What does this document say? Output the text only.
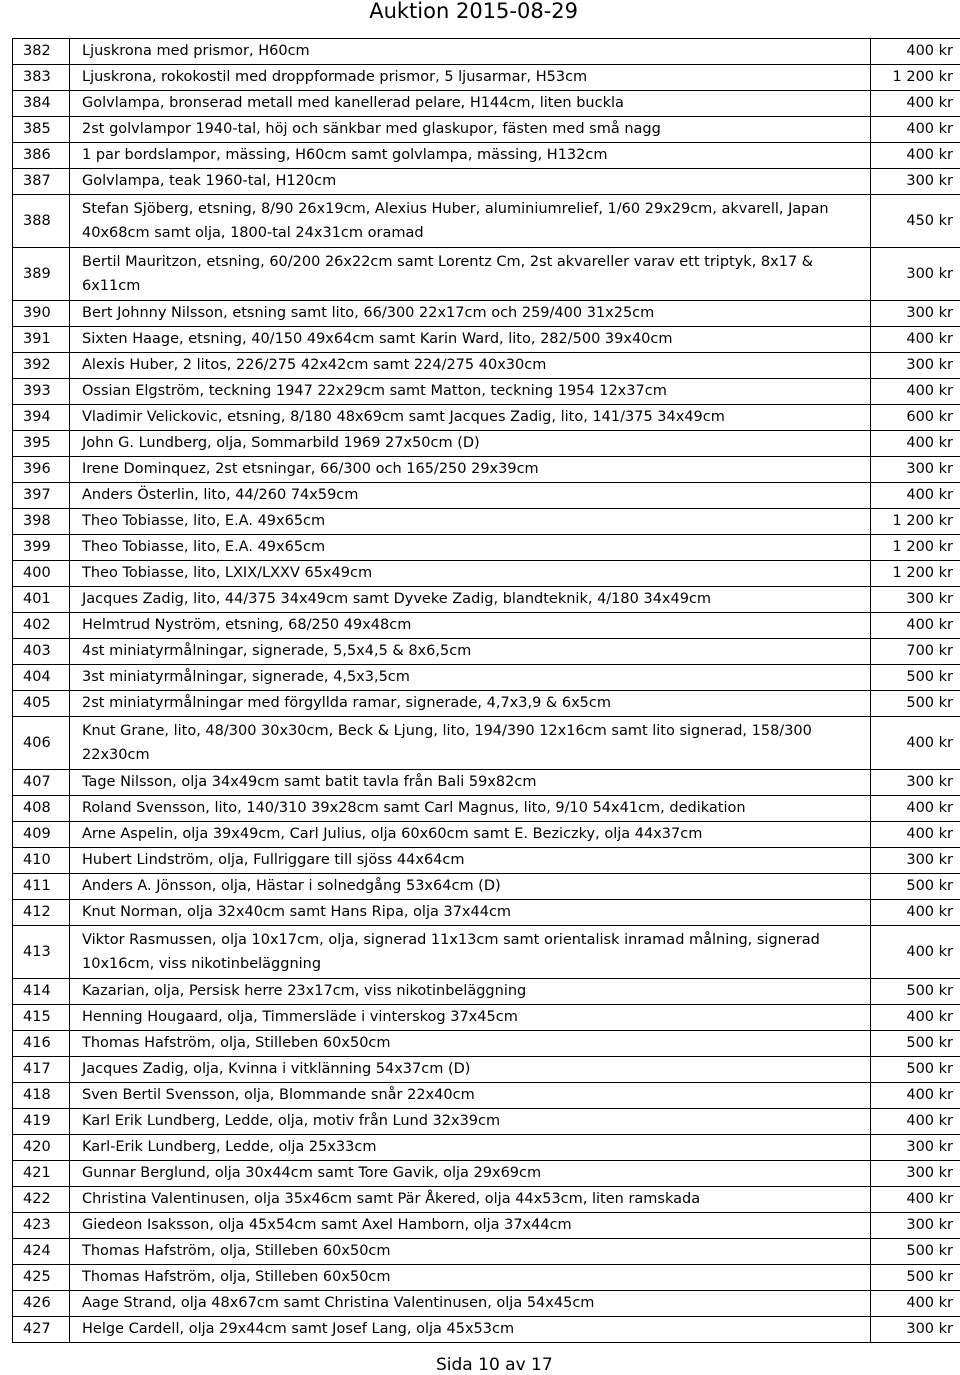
Auktion 2015-08-29
382	Ljuskrona med prismor, H60cm	400 kr
383	Ljuskrona, rokokostil med droppformade prismor, 5 ljusarmar, H53cm	1 200 kr
384	Golvlampa, bronserad metall med kanellerad pelare, H144cm, liten buckla	400 kr
385	2st golvlampor 1940-tal, höj och sänkbar med glaskupor, fästen med små nagg	400 kr
386	1 par bordslampor, mässing, H60cm samt golvlampa, mässing, H132cm	400 kr
387	Golvlampa, teak 1960-tal, H120cm	300 kr
388	Stefan Sjöberg, etsning, 8/90 26x19cm, Alexius Huber, aluminiumrelief, 1/60 29x29cm, akvarell, Japan 40x68cm samt olja, 1800-tal 24x31cm oramad	450 kr
389	Bertil Mauritzon, etsning, 60/200 26x22cm samt Lorentz Cm, 2st akvareller varav ett triptyk, 8x17 & 6x11cm	300 kr
390	Bert Johnny Nilsson, etsning samt lito, 66/300 22x17cm och 259/400 31x25cm	300 kr
391	Sixten Haage, etsning, 40/150 49x64cm samt Karin Ward, lito, 282/500 39x40cm	400 kr
392	Alexis Huber, 2 litos, 226/275 42x42cm samt 224/275 40x30cm	300 kr
393	Ossian Elgström, teckning 1947 22x29cm samt Matton, teckning 1954 12x37cm	400 kr
394	Vladimir Velickovic, etsning, 8/180 48x69cm samt Jacques Zadig, lito, 141/375 34x49cm	600 kr
395	John G. Lundberg, olja, Sommarbild 1969 27x50cm (D)	400 kr
396	Irene Dominquez, 2st etsningar, 66/300 och 165/250 29x39cm	300 kr
397	Anders Österlin, lito, 44/260 74x59cm	400 kr
398	Theo Tobiasse, lito, E.A. 49x65cm	1 200 kr
399	Theo Tobiasse, lito, E.A. 49x65cm	1 200 kr
400	Theo Tobiasse, lito, LXIX/LXXV 65x49cm	1 200 kr
401	Jacques Zadig, lito, 44/375 34x49cm samt Dyveke Zadig, blandteknik, 4/180 34x49cm	300 kr
402	Helmtrud Nyström, etsning, 68/250 49x48cm	400 kr
403	4st miniatyrmålningar, signerade, 5,5x4,5 & 8x6,5cm	700 kr
404	3st miniatyrmålningar, signerade, 4,5x3,5cm	500 kr
405	2st miniatyrmålningar med förgyllda ramar, signerade, 4,7x3,9 & 6x5cm	500 kr
406	Knut Grane, lito, 48/300 30x30cm, Beck & Ljung, lito, 194/390 12x16cm samt lito signerad, 158/300 22x30cm	400 kr
407	Tage Nilsson, olja 34x49cm samt batit tavla från Bali 59x82cm	300 kr
408	Roland Svensson, lito, 140/310 39x28cm samt Carl Magnus, lito, 9/10 54x41cm, dedikation	400 kr
409	Arne Aspelin, olja 39x49cm, Carl Julius, olja 60x60cm samt E. Beziczky, olja 44x37cm	400 kr
410	Hubert Lindström, olja, Fullriggare till sjöss 44x64cm	300 kr
411	Anders A. Jönsson, olja, Hästar i solnedgång 53x64cm (D)	500 kr
412	Knut Norman, olja 32x40cm samt Hans Ripa, olja 37x44cm	400 kr
413	Viktor Rasmussen, olja 10x17cm, olja, signerad 11x13cm samt orientalisk inramad målning, signerad 10x16cm, viss nikotinbeläggning	400 kr
414	Kazarian, olja, Persisk herre 23x17cm, viss nikotinbeläggning	500 kr
415	Henning Hougaard, olja, Timmersläde i vinterskog 37x45cm	400 kr
416	Thomas Hafström, olja, Stilleben 60x50cm	500 kr
417	Jacques Zadig, olja, Kvinna i vitklänning 54x37cm (D)	500 kr
418	Sven Bertil Svensson, olja, Blommande snår 22x40cm	400 kr
419	Karl Erik Lundberg, Ledde, olja, motiv från Lund 32x39cm	400 kr
420	Karl-Erik Lundberg, Ledde, olja 25x33cm	300 kr
421	Gunnar Berglund, olja 30x44cm samt Tore Gavik, olja 29x69cm	300 kr
422	Christina Valentinusen, olja 35x46cm samt Pär Åkered, olja 44x53cm, liten ramskada	400 kr
423	Giedeon Isaksson, olja 45x54cm samt Axel Hamborn, olja 37x44cm	300 kr
424	Thomas Hafström, olja, Stilleben 60x50cm	500 kr
425	Thomas Hafström, olja, Stilleben 60x50cm	500 kr
426	Aage Strand, olja 48x67cm samt Christina Valentinusen, olja 54x45cm	400 kr
427	Helge Cardell, olja 29x44cm samt Josef Lang, olja 45x53cm	300 kr
Sida 10 av 17
